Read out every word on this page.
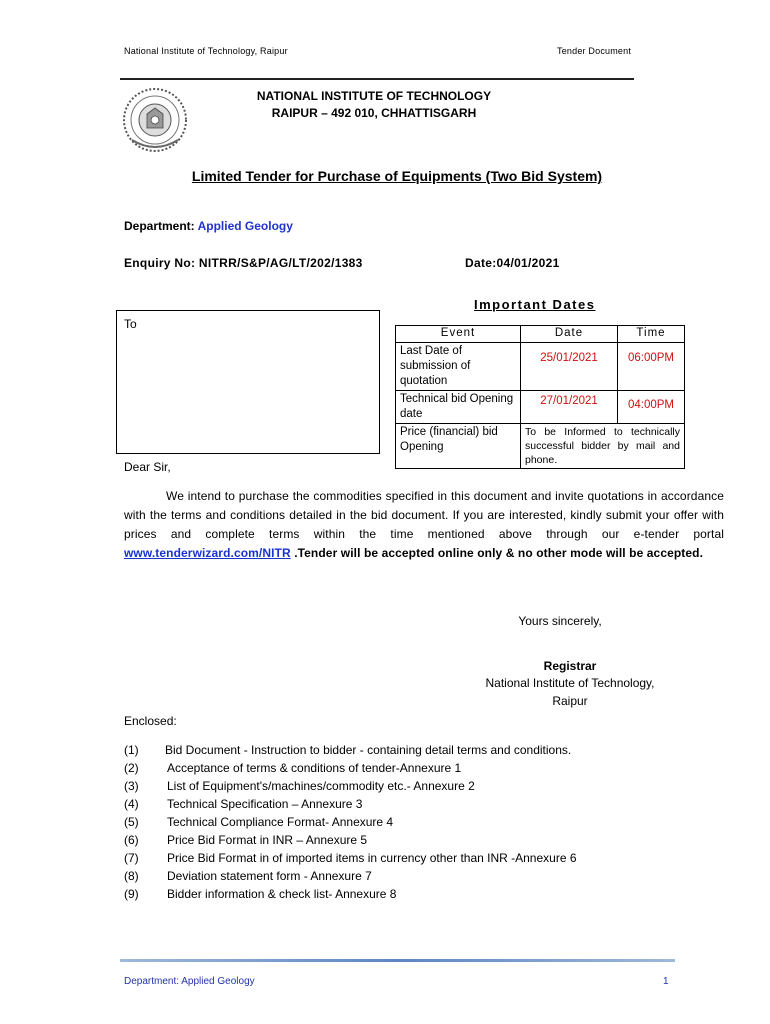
National Institute of Technology, Raipur	Tender Document
NATIONAL INSTITUTE OF TECHNOLOGY
RAIPUR – 492 010, CHHATTISGARH
Limited Tender for Purchase of Equipments (Two Bid System)
Department: Applied Geology
Enquiry No: NITRR/S&P/AG/LT/202/1383	Date:04/01/2021
Important Dates
To
Event	Date	Time
Last Date of submission of quotation	25/01/2021	06:00PM
Technical bid Opening date	27/01/2021	04:00PM
Price (financial) bid Opening	To be Informed to technically successful bidder by mail and phone.	
Dear Sir,
We intend to purchase the commodities specified in this document and invite quotations in accordance with the terms and conditions detailed in the bid document. If you are interested, kindly submit your offer with prices and complete terms within the time mentioned above through our e-tender portal www.tenderwizard.com/NITR .Tender will be accepted online only & no other mode will be accepted.
Yours sincerely,
Registrar
National Institute of Technology,
Raipur
Enclosed:
(1)	Bid Document - Instruction to bidder - containing detail terms and conditions.
(2)	Acceptance of terms & conditions of tender-Annexure 1
(3)	List of Equipment's/machines/commodity etc.- Annexure 2
(4)	Technical Specification – Annexure 3
(5)	Technical Compliance Format- Annexure 4
(6)	Price Bid Format in INR – Annexure 5
(7)	Price Bid Format in of imported items in currency other than INR -Annexure 6
(8)	Deviation statement form - Annexure 7
(9)	Bidder information & check list- Annexure 8
Department: Applied Geology	1
